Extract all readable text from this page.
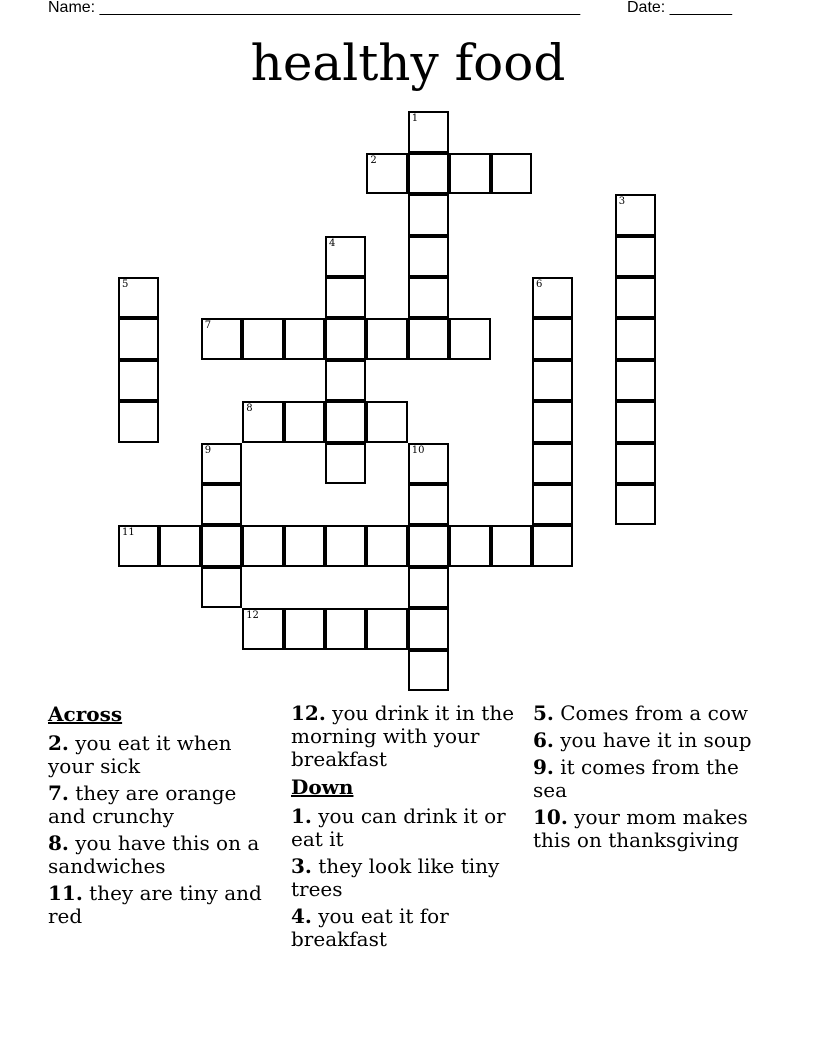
Name: ______________________________________________________	Date: _______
healthy food
1
2
4
3
5	6
7
8
9	10
11
12
Across
2. you eat it when your sick
7. they are orange and crunchy
8. you have this on a sandwiches
11. they are tiny and red
12. you drink it in the morning with your breakfast
Down
1. you can drink it or eat it
3. they look like tiny trees
4. you eat it for breakfast
5. Comes from a cow
6. you have it in soup
9. it comes from the sea
10. your mom makes this on thanksgiving
